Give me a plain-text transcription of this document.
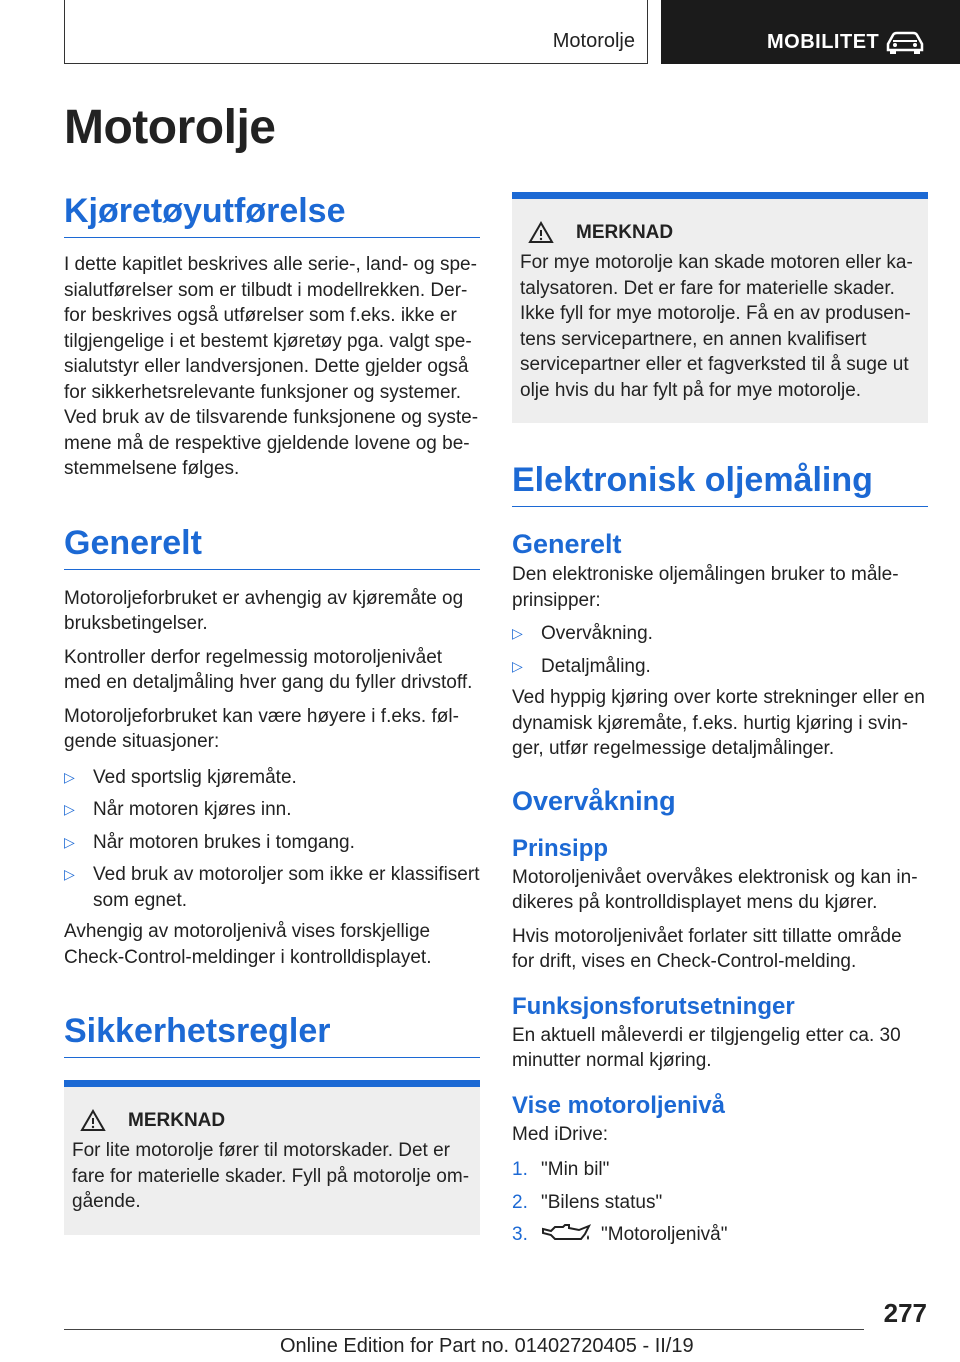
Motorolje	MOBILITET
Motorolje
Kjøretøyutførelse

I dette kapitlet beskrives alle serie-, land- og spesialutførelser som er tilbudt i modellrekken. Derfor beskrives også utførelser som f.eks. ikke er tilgjengelige i et bestemt kjøretøy pga. valgt spesialutstyr eller landversjonen. Dette gjelder også for sikkerhetsrelevante funksjoner og systemer. Ved bruk av de tilsvarende funksjonene og systemene må de respektive gjeldende lovene og bestemmelsene følges.

Generelt

Motoroljeforbruket er avhengig av kjøremåte og bruksbetingelser.

Kontroller derfor regelmessig motoroljenivået med en detaljmåling hver gang du fyller drivstoff.

Motoroljeforbruket kan være høyere i f.eks. følgende situasjoner:

▷ Ved sportslig kjøremåte.
▷ Når motoren kjøres inn.
▷ Når motoren brukes i tomgang.
▷ Ved bruk av motoroljer som ikke er klassifisert som egnet.

Avhengig av motoroljenivå vises forskjellige Check-Control-meldinger i kontrolldisplayet.

Sikkerhetsregler
MERKNAD

For lite motorolje fører til motorskader. Det er fare for materielle skader. Fyll på motorolje omgående.

MERKNAD

For mye motorolje kan skade motoren eller katalysatoren. Det er fare for materielle skader. Ikke fyll for mye motorolje. Få en av produsentens servicepartnere, en annen kvalifisert servicepartner eller et fagverksted til å suge ut olje hvis du har fylt på for mye motorolje.

Elektronisk oljemåling
Generelt

Den elektroniske oljemålingen bruker to måleprinsipper:

▷ Overvåkning.
▷ Detaljmåling.

Ved hyppig kjøring over korte strekninger eller en dynamisk kjøremåte, f.eks. hurtig kjøring i svinger, utfør regelmessige detaljmålinger.

Overvåkning
Prinsipp

Motoroljenivået overvåkes elektronisk og kan indikeres på kontrolldisplayet mens du kjører.

Hvis motoroljenivået forlater sitt tillatte område for drift, vises en Check-Control-melding.

Funksjonsforutsetninger

En aktuell måleverdi er tilgjengelig etter ca. 30 minutter normal kjøring.

Vise motoroljenivå

Med iDrive:

1. "Min bil"
2. "Bilens status"
3.	"Motoroljenivå"
277
Online Edition for Part no. 01402720405 - II/19
